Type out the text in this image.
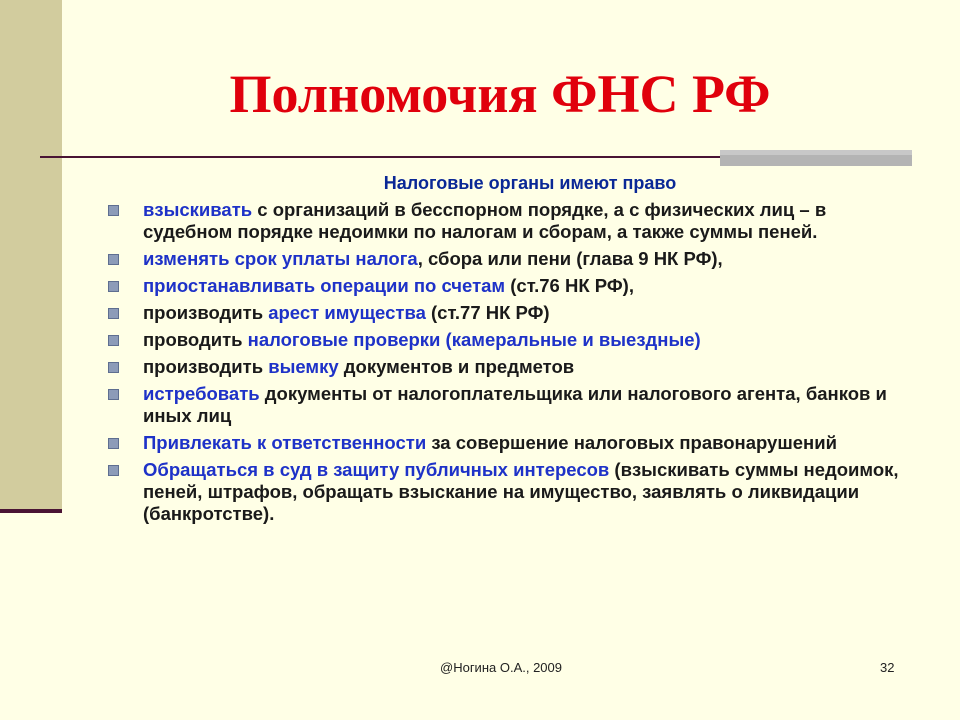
Полномочия ФНС РФ
Налоговые органы имеют право
взыскивать с организаций в бесспорном порядке, а с физических лиц – в судебном порядке недоимки по налогам и сборам, а также суммы пеней.
изменять срок уплаты налога, сбора или пени (глава 9 НК РФ),
приостанавливать операции по счетам (ст.76 НК РФ),
производить арест имущества (ст.77 НК РФ)
проводить налоговые проверки (камеральные и выездные)
производить выемку документов и предметов
истребовать документы от налогоплательщика или налогового агента, банков и иных лиц
Привлекать к ответственности за совершение налоговых правонарушений
Обращаться в суд в защиту публичных интересов (взыскивать суммы недоимок, пеней, штрафов, обращать взыскание на имущество, заявлять о ликвидации (банкротстве).
@Ногина О.А., 2009	32
